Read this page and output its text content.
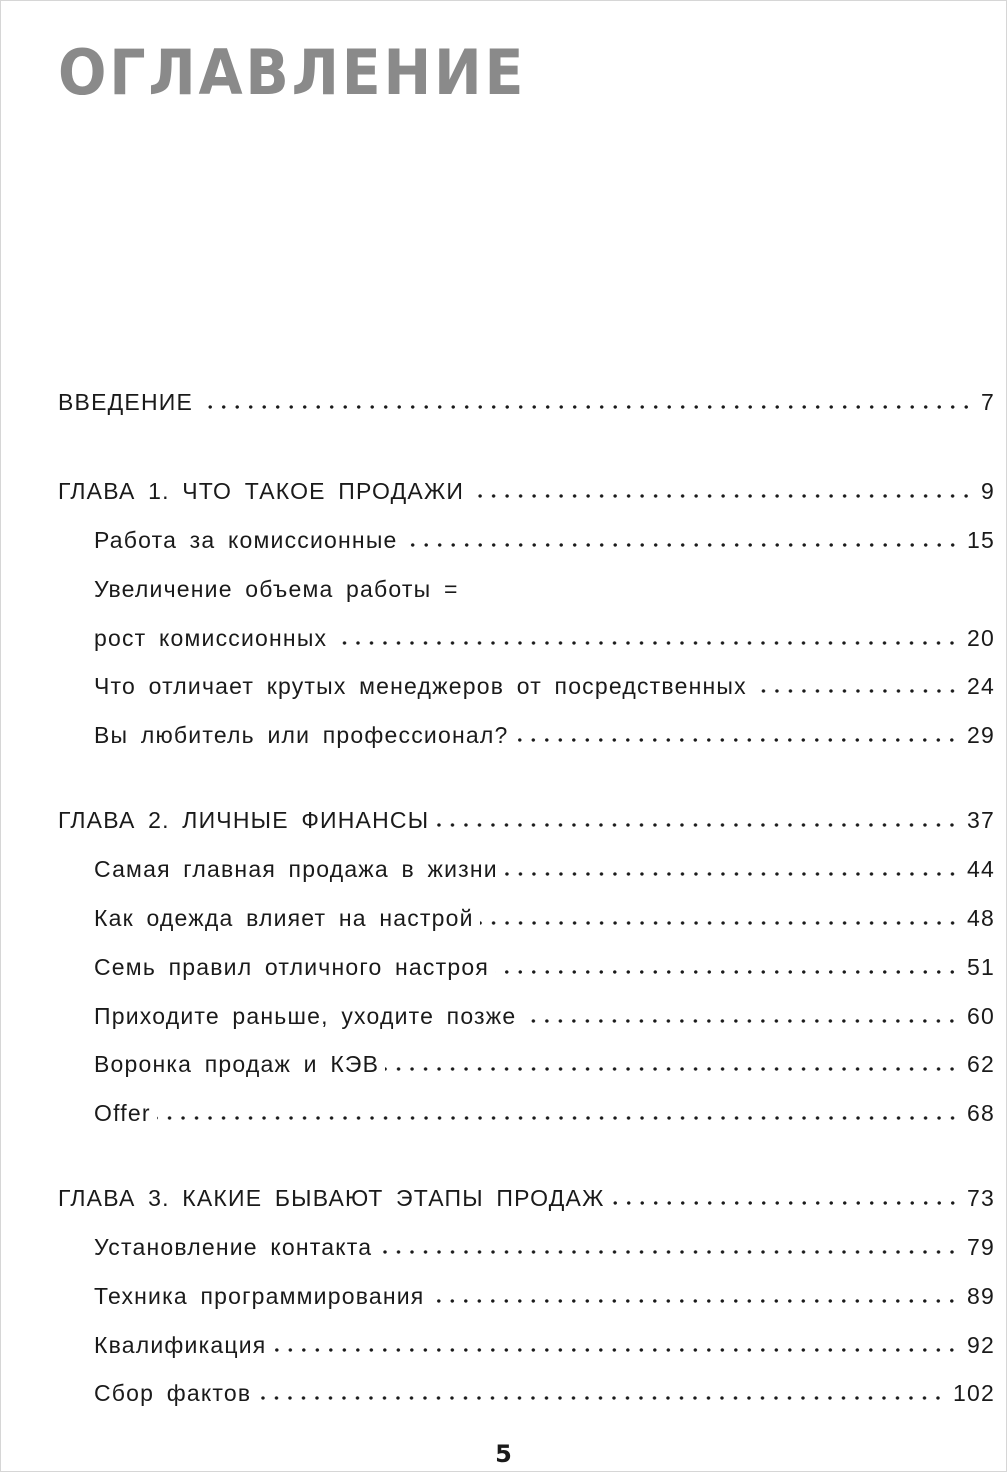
ОГЛАВЛЕНИЕ
ВВЕДЕНИЕ	7
ГЛАВА 1. ЧТО ТАКОЕ ПРОДАЖИ	9
Работа за комиссионные	15
Увеличение объема работы =
рост комиссионных	20
Что отличает крутых менеджеров от посредственных	24
Вы любитель или профессионал?	29
ГЛАВА 2. ЛИЧНЫЕ ФИНАНСЫ	37
Самая главная продажа в жизни	44
Как одежда влияет на настрой	48
Семь правил отличного настроя	51
Приходите раньше, уходите позже	60
Воронка продаж и КЭВ	62
Offer	68
ГЛАВА 3. КАКИЕ БЫВАЮТ ЭТАПЫ ПРОДАЖ	73
Установление контакта	79
Техника программирования	89
Квалификация	92
Сбор фактов	102
5
